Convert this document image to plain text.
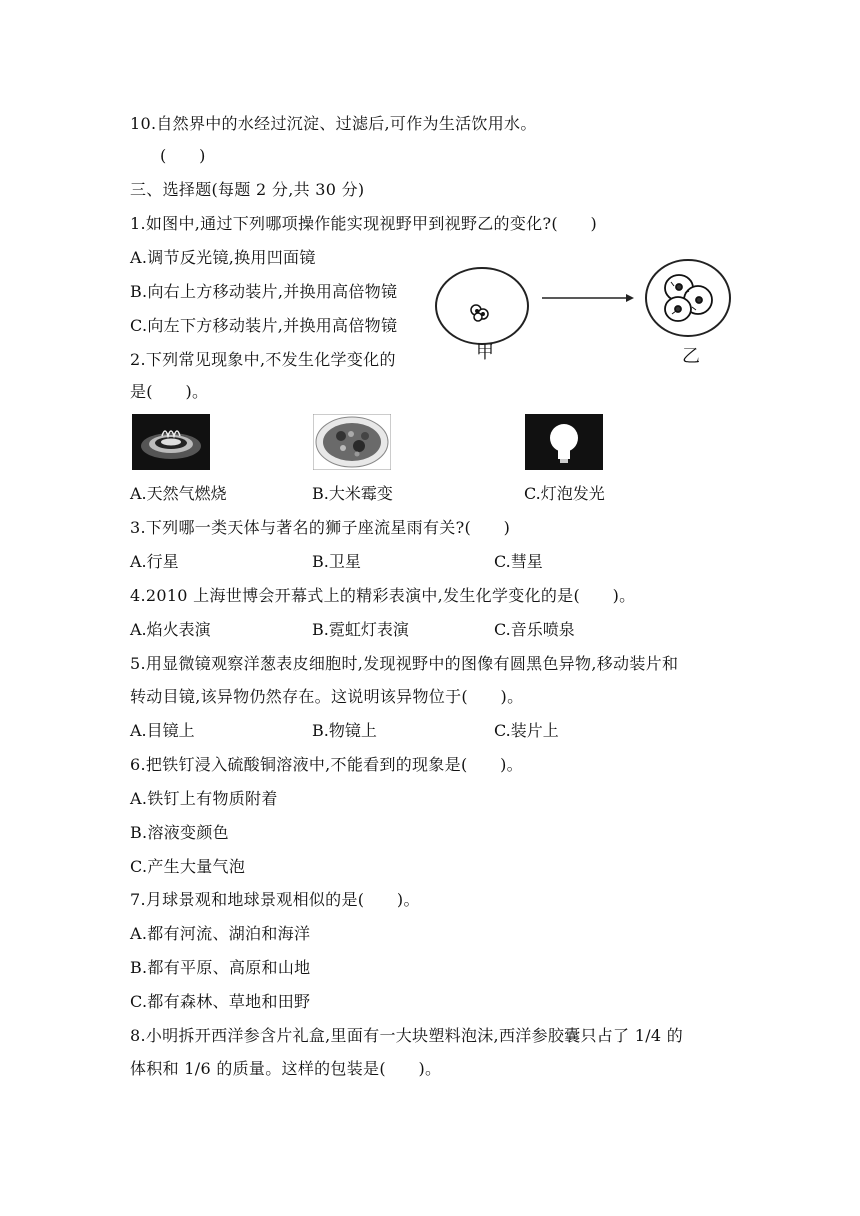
10.自然界中的水经过沉淀、过滤后,可作为生活饮用水。
(　　)
三、选择题(每题 2 分,共 30 分)
1.如图中,通过下列哪项操作能实现视野甲到视野乙的变化?(　　)
A.调节反光镜,换用凹面镜
B.向右上方移动装片,并换用高倍物镜
C.向左下方移动装片,并换用高倍物镜
2.下列常见现象中,不发生化学变化的
是(　　)。
3.下列哪一类天体与著名的狮子座流星雨有关?(　　)
4.2010 上海世博会开幕式上的精彩表演中,发生化学变化的是(　　)。
5.用显微镜观察洋葱表皮细胞时,发现视野中的图像有圆黑色异物,移动装片和
转动目镜,该异物仍然存在。这说明该异物位于(　　)。
6.把铁钉浸入硫酸铜溶液中,不能看到的现象是(　　)。
A.铁钉上有物质附着
B.溶液变颜色
C.产生大量气泡
7.月球景观和地球景观相似的是(　　)。
A.都有河流、湖泊和海洋
B.都有平原、高原和山地
C.都有森林、草地和田野
8.小明拆开西洋参含片礼盒,里面有一大块塑料泡沫,西洋参胶囊只占了 1/4 的
体积和 1/6 的质量。这样的包装是(　　)。
A.天然气燃烧	B.大米霉变	C.灯泡发光
A.行星	B.卫星	C.彗星
A.焰火表演	B.霓虹灯表演	C.音乐喷泉
A.目镜上	B.物镜上	C.装片上
甲	乙
